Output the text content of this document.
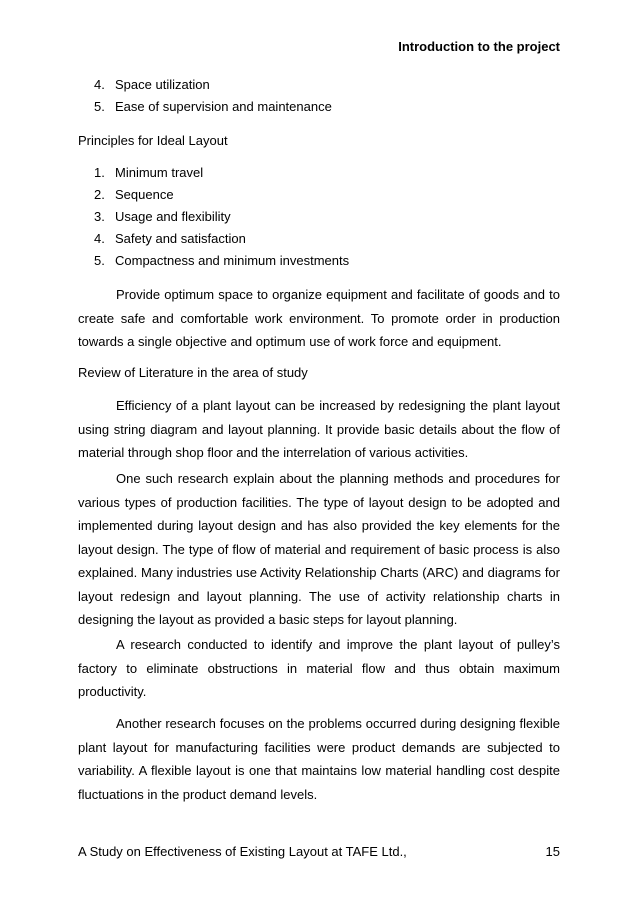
Introduction to the project
4. Space utilization
5. Ease of supervision and maintenance
Principles for Ideal Layout
1. Minimum travel
2. Sequence
3. Usage and flexibility
4. Safety and satisfaction
5. Compactness and minimum investments

Provide optimum space to organize equipment and facilitate of goods and to create safe and comfortable work environment. To promote order in production towards a single objective and optimum use of work force and equipment.

Review of Literature in the area of study

Efficiency of a plant layout can be increased by redesigning the plant layout using string diagram and layout planning. It provide basic details about the flow of material through shop floor and the interrelation of various activities.

One such research explain about the planning methods and procedures for various types of production facilities. The type of layout design to be adopted and implemented during layout design and has also provided the key elements for the layout design. The type of flow of material and requirement of basic process is also explained. Many industries use Activity Relationship Charts (ARC) and diagrams for layout redesign and layout planning. The use of activity relationship charts in designing the layout as provided a basic steps for layout planning.

A research conducted to identify and improve the plant layout of pulley’s factory to eliminate obstructions in material flow and thus obtain maximum productivity.

Another research focuses on the problems occurred during designing flexible plant layout for manufacturing facilities were product demands are subjected to variability. A flexible layout is one that maintains low material handling cost despite fluctuations in the product demand levels.

A Study on Effectiveness of Existing Layout at TAFE Ltd.,	15
